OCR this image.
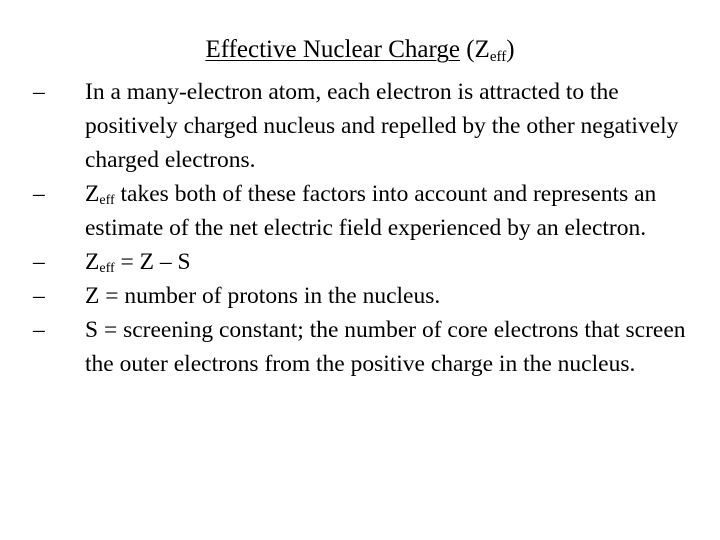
Effective Nuclear Charge $(Z_{eff})$
–	In a many-electron atom, each electron is attracted to the positively charged nucleus and repelled by the other negatively charged electrons.
–	$Z_{eff}$ takes both of these factors into account and represents an estimate of the net electric field experienced by an electron.
–	$Z_{eff} = Z - S$
–	Z = number of protons in the nucleus.
–	S = screening constant; the number of core electrons that screen the outer electrons from the positive charge in the nucleus.
